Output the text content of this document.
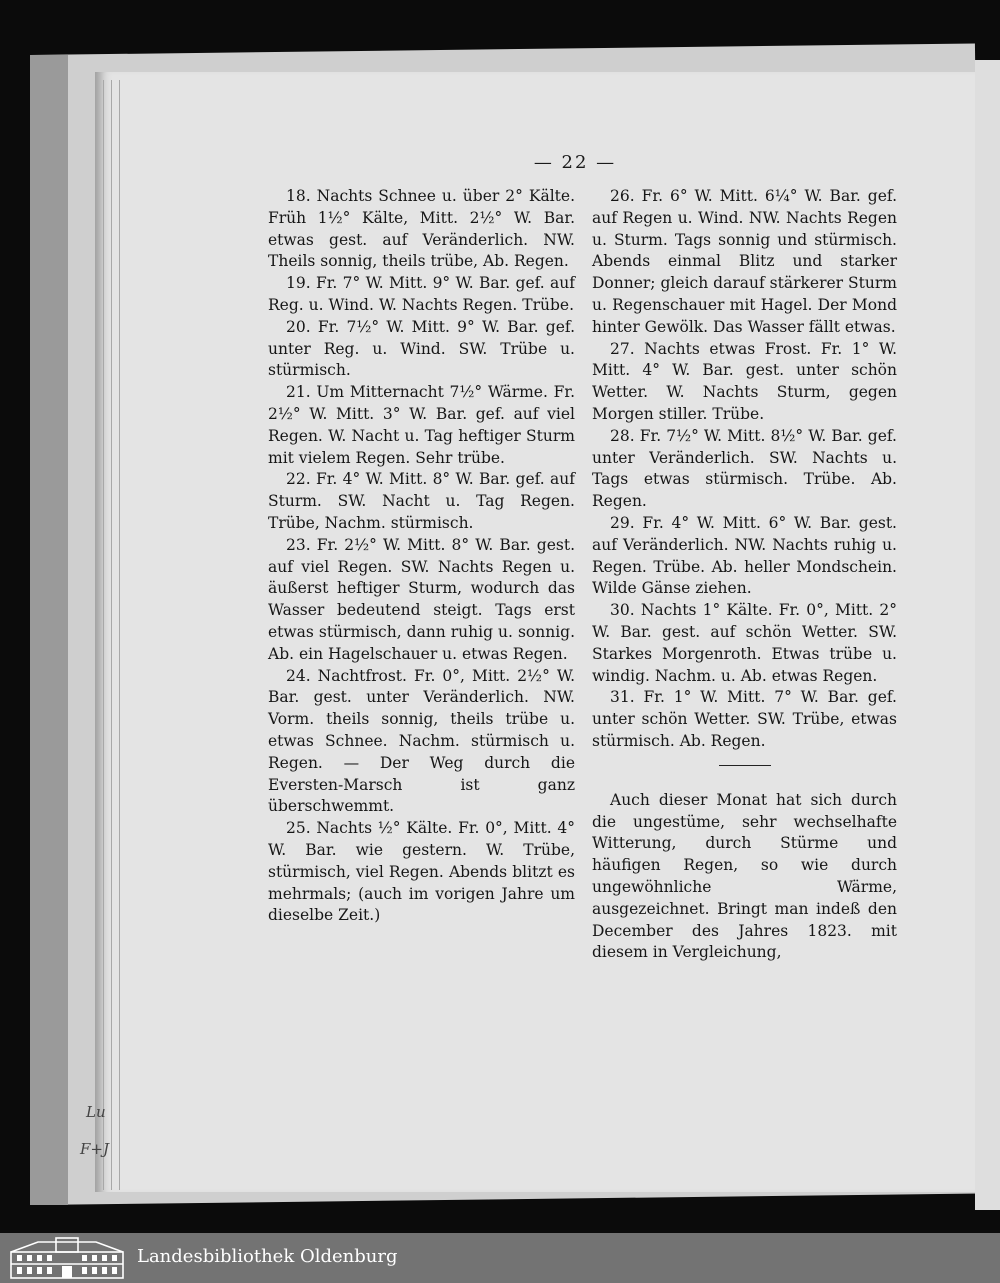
— 22 —

18. Nachts Schnee u. über 2° Kälte. Früh 1½° Kälte, Mitt. 2½° W. Bar. etwas gest. auf Veränderlich. NW. Theils sonnig, theils trübe, Ab. Regen.

19. Fr. 7° W. Mitt. 9° W. Bar. gef. auf Reg. u. Wind. W. Nachts Regen. Trübe.

20. Fr. 7½° W. Mitt. 9° W. Bar. gef. unter Reg. u. Wind. SW. Trübe u. stürmisch.

21. Um Mitternacht 7½° Wärme. Fr. 2½° W. Mitt. 3° W. Bar. gef. auf viel Regen. W. Nacht u. Tag heftiger Sturm mit vielem Regen. Sehr trübe.

22. Fr. 4° W. Mitt. 8° W. Bar. gef. auf Sturm. SW. Nacht u. Tag Regen. Trübe, Nachm. stürmisch.

23. Fr. 2½° W. Mitt. 8° W. Bar. gest. auf viel Regen. SW. Nachts Regen u. äußerst heftiger Sturm, wodurch das Wasser bedeutend steigt. Tags erst etwas stürmisch, dann ruhig u. sonnig. Ab. ein Hagelschauer u. etwas Regen.

24. Nachtfrost. Fr. 0°, Mitt. 2½° W. Bar. gest. unter Veränderlich. NW. Vorm. theils sonnig, theils trübe u. etwas Schnee. Nachm. stürmisch u. Regen. — Der Weg durch die Eversten-Marsch ist ganz überschwemmt.

25. Nachts ½° Kälte. Fr. 0°, Mitt. 4° W. Bar. wie gestern. W. Trübe, stürmisch, viel Regen. Abends blitzt es mehrmals; (auch im vorigen Jahre um dieselbe Zeit.)

26. Fr. 6° W. Mitt. 6¼° W. Bar. gef. auf Regen u. Wind. NW. Nachts Regen u. Sturm. Tags sonnig und stürmisch. Abends einmal Blitz und starker Donner; gleich darauf stärkerer Sturm u. Regenschauer mit Hagel. Der Mond hinter Gewölk. Das Wasser fällt etwas.

27. Nachts etwas Frost. Fr. 1° W. Mitt. 4° W. Bar. gest. unter schön Wetter. W. Nachts Sturm, gegen Morgen stiller. Trübe.

28. Fr. 7½° W. Mitt. 8½° W. Bar. gef. unter Veränderlich. SW. Nachts u. Tags etwas stürmisch. Trübe. Ab. Regen.

29. Fr. 4° W. Mitt. 6° W. Bar. gest. auf Veränderlich. NW. Nachts ruhig u. Regen. Trübe. Ab. heller Mondschein. Wilde Gänse ziehen.

30. Nachts 1° Kälte. Fr. 0°, Mitt. 2° W. Bar. gest. auf schön Wetter. SW. Starkes Morgenroth. Etwas trübe u. windig. Nachm. u. Ab. etwas Regen.

31. Fr. 1° W. Mitt. 7° W. Bar. gef. unter schön Wetter. SW. Trübe, etwas stürmisch. Ab. Regen.

Auch dieser Monat hat sich durch die ungestüme, sehr wechselhafte Witterung, durch Stürme und häufigen Regen, so wie durch ungewöhnliche Wärme, ausgezeichnet. Bringt man indeß den December des Jahres 1823. mit diesem in Vergleichung,

Lu
F+J
Landesbibliothek Oldenburg
